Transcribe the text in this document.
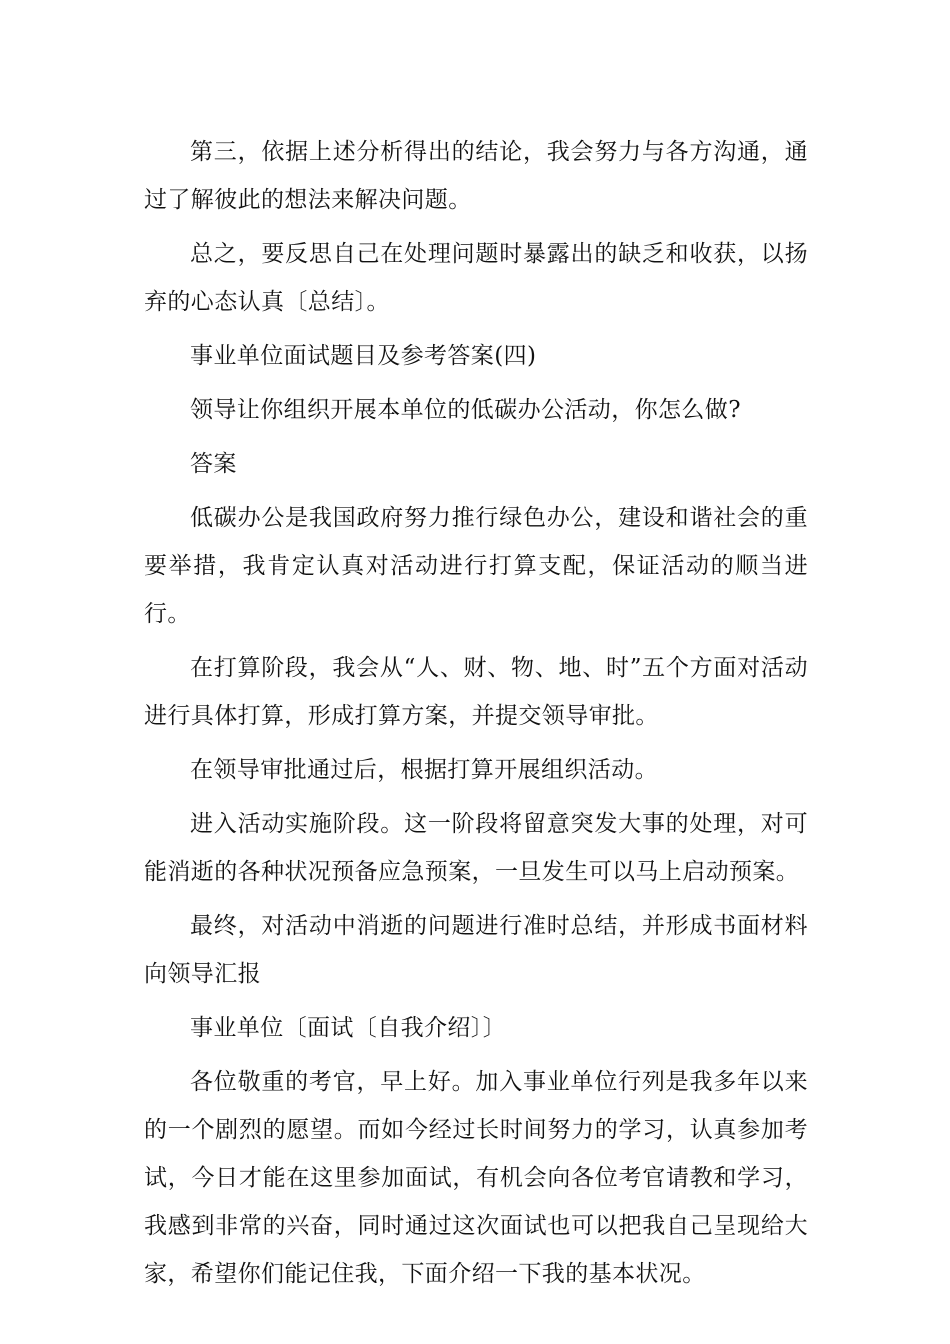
第三，依据上述分析得出的结论，我会努力与各方沟通，通过了解彼此的想法来解决问题。

总之，要反思自己在处理问题时暴露出的缺乏和收获，以扬弃的心态认真〔总结〕。

事业单位面试题目及参考答案(四)

领导让你组织开展本单位的低碳办公活动，你怎么做?

答案

低碳办公是我国政府努力推行绿色办公，建设和谐社会的重要举措，我肯定认真对活动进行打算支配，保证活动的顺当进行。

在打算阶段，我会从“人、财、物、地、时”五个方面对活动进行具体打算，形成打算方案，并提交领导审批。

在领导审批通过后，根据打算开展组织活动。

进入活动实施阶段。这一阶段将留意突发大事的处理，对可能消逝的各种状况预备应急预案，一旦发生可以马上启动预案。

最终，对活动中消逝的问题进行准时总结，并形成书面材料向领导汇报

事业单位〔面试〔自我介绍〕〕

各位敬重的考官，早上好。加入事业单位行列是我多年以来的一个剧烈的愿望。而如今经过长时间努力的学习，认真参加考试，今日才能在这里参加面试，有机会向各位考官请教和学习，我感到非常的兴奋，同时通过这次面试也可以把我自己呈现给大家，希望你们能记住我，下面介绍一下我的基本状况。
